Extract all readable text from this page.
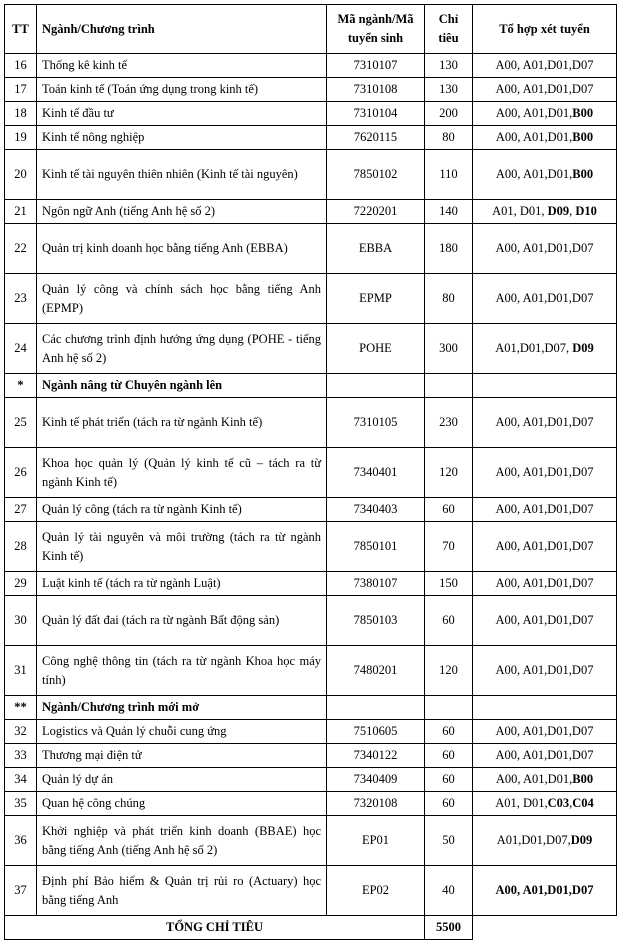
TT	Ngành/Chương trình	Mã ngành/Mã tuyển sinh	Chỉ tiêu	Tổ hợp xét tuyển
16	Thống kê kinh tế	7310107	130	A00, A01,D01,D07
17	Toán kinh tế (Toán ứng dụng trong kinh tế)	7310108	130	A00, A01,D01,D07
18	Kinh tế đầu tư	7310104	200	A00, A01,D01,B00
19	Kinh tế nông nghiệp	7620115	80	A00, A01,D01,B00
20	Kinh tế tài nguyên thiên nhiên (Kinh tế tài nguyên)	7850102	110	A00, A01,D01,B00
21	Ngôn ngữ Anh (tiếng Anh hệ số 2)	7220201	140	A01, D01, D09, D10
22	Quản trị kinh doanh học bằng tiếng Anh (EBBA)	EBBA	180	A00, A01,D01,D07
23	Quản lý công và chính sách học bằng tiếng Anh (EPMP)	EPMP	80	A00, A01,D01,D07
24	Các chương trình định hướng ứng dụng (POHE - tiếng Anh hệ số 2)	POHE	300	A01,D01,D07, D09
*	Ngành nâng từ Chuyên ngành lên			
25	Kinh tế phát triển (tách ra từ ngành Kinh tế)	7310105	230	A00, A01,D01,D07
26	Khoa học quản lý (Quản lý kinh tế cũ – tách ra từ ngành Kinh tế)	7340401	120	A00, A01,D01,D07
27	Quản lý công (tách ra từ ngành Kinh tế)	7340403	60	A00, A01,D01,D07
28	Quản lý tài nguyên và môi trường (tách ra từ ngành Kinh tế)	7850101	70	A00, A01,D01,D07
29	Luật kinh tế (tách ra từ ngành Luật)	7380107	150	A00, A01,D01,D07
30	Quản lý đất đai (tách ra từ ngành Bất động sản)	7850103	60	A00, A01,D01,D07
31	Công nghệ thông tin (tách ra từ ngành Khoa học máy tính)	7480201	120	A00, A01,D01,D07
**	Ngành/Chương trình mới mở			
32	Logistics và Quản lý chuỗi cung ứng	7510605	60	A00, A01,D01,D07
33	Thương mại điện tử	7340122	60	A00, A01,D01,D07
34	Quản lý dự án	7340409	60	A00, A01,D01,B00
35	Quan hệ công chúng	7320108	60	A01, D01,C03,C04
36	Khởi nghiệp và phát triển kinh doanh (BBAE) học bằng tiếng Anh (tiếng Anh hệ số 2)	EP01	50	A01,D01,D07,D09
37	Định phí Bảo hiểm & Quản trị rủi ro (Actuary) học bằng tiếng Anh	EP02	40	A00, A01,D01,D07
TỔNG CHỈ TIÊU			5500	
